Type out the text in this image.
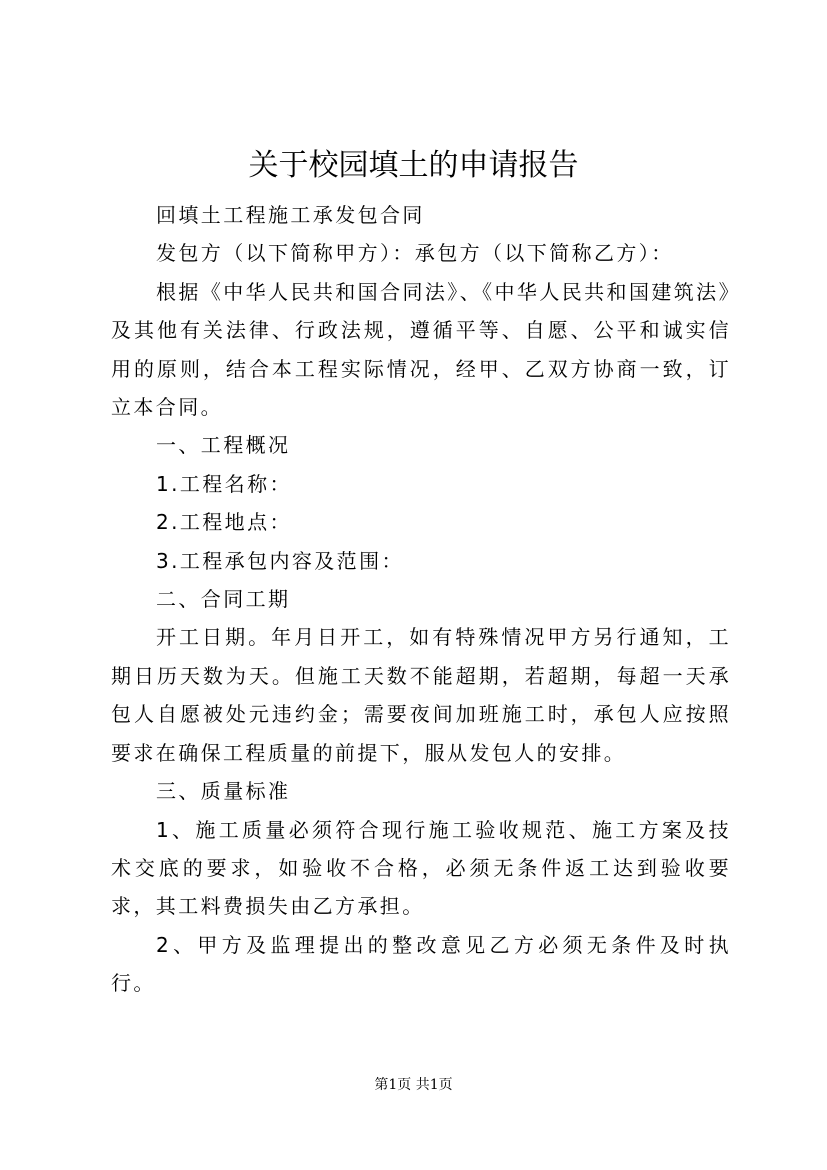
关于校园填土的申请报告

回填土工程施工承发包合同

发包方（以下简称甲方）：承包方（以下简称乙方）：

根据《中华人民共和国合同法》、《中华人民共和国建筑法》及其他有关法律、行政法规，遵循平等、自愿、公平和诚实信用的原则，结合本工程实际情况，经甲、乙双方协商一致，订立本合同。

一、工程概况

1.工程名称：

2.工程地点：

3.工程承包内容及范围：

二、合同工期

开工日期。年月日开工，如有特殊情况甲方另行通知，工期日历天数为天。但施工天数不能超期，若超期，每超一天承包人自愿被处元违约金；需要夜间加班施工时，承包人应按照要求在确保工程质量的前提下，服从发包人的安排。

三、质量标准

1、施工质量必须符合现行施工验收规范、施工方案及技术交底的要求，如验收不合格，必须无条件返工达到验收要求，其工料费损失由乙方承担。

2、甲方及监理提出的整改意见乙方必须无条件及时执行。

第1页 共1页
